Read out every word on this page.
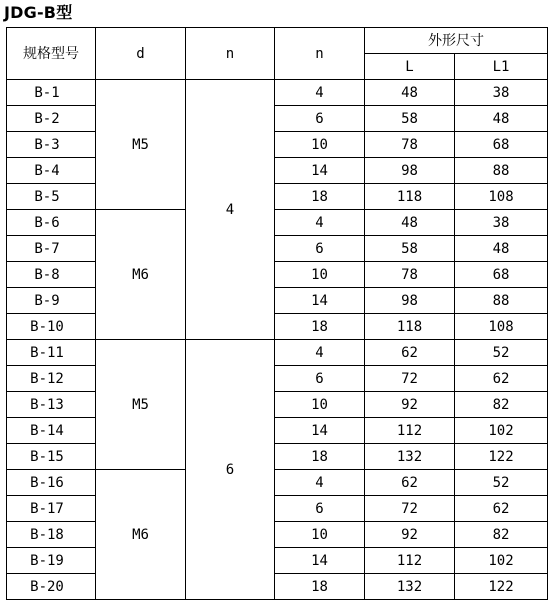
JDG-B型
规格型号	d	n	n	外形尺寸	
				L	L1
B-1	M5	4	4	48	38
B-2			6	58	48
B-3			10	78	68
B-4			14	98	88
B-5			18	118	108
B-6	M6		4	48	38
B-7			6	58	48
B-8			10	78	68
B-9			14	98	88
B-10			18	118	108
B-11	M5	6	4	62	52
B-12			6	72	62
B-13			10	92	82
B-14			14	112	102
B-15			18	132	122
B-16	M6		4	62	52
B-17			6	72	62
B-18			10	92	82
B-19			14	112	102
B-20			18	132	122
